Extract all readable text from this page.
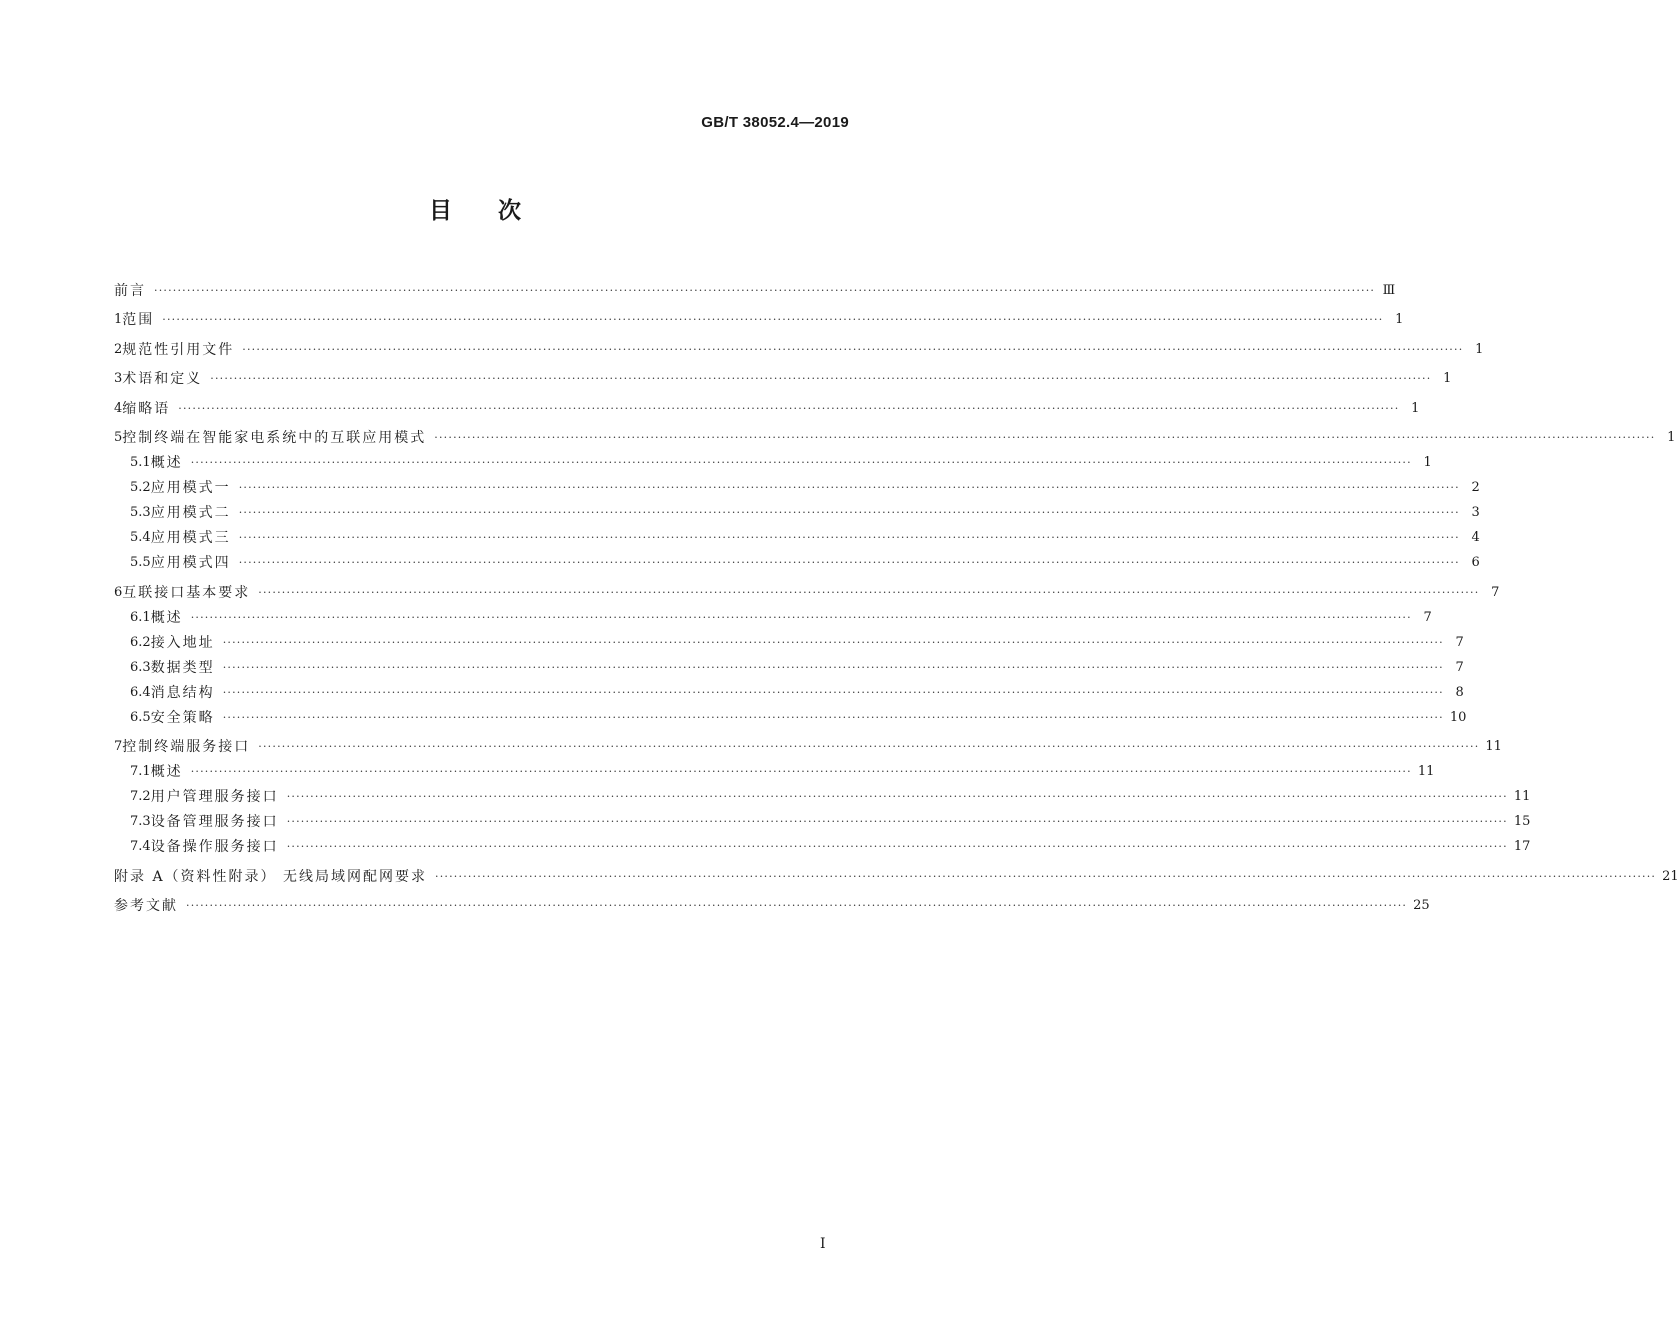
GB/T 38052.4—2019
目次
前言 ···································································································································································································································································· Ⅲ
1 范围 ···································································································································································································································································· 1
2 规范性引用文件 ···································································································································································································································································· 1
3 术语和定义 ···································································································································································································································································· 1
4 缩略语 ···································································································································································································································································· 1
5 控制终端在智能家电系统中的互联应用模式 ···································································································································································································································································· 1
5.1 概述 ···································································································································································································································································· 1
5.2 应用模式一 ···································································································································································································································································· 2
5.3 应用模式二 ···································································································································································································································································· 3
5.4 应用模式三 ···································································································································································································································································· 4
5.5 应用模式四 ···································································································································································································································································· 6
6 互联接口基本要求 ···································································································································································································································································· 7
6.1 概述 ···································································································································································································································································· 7
6.2 接入地址 ···································································································································································································································································· 7
6.3 数据类型 ···································································································································································································································································· 7
6.4 消息结构 ···································································································································································································································································· 8
6.5 安全策略 ···································································································································································································································································· 10
7 控制终端服务接口 ···································································································································································································································································· 11
7.1 概述 ···································································································································································································································································· 11
7.2 用户管理服务接口 ···································································································································································································································································· 11
7.3 设备管理服务接口 ···································································································································································································································································· 15
7.4 设备操作服务接口 ···································································································································································································································································· 17
附录 A（资料性附录） 无线局域网配网要求 ···································································································································································································································································· 21
参考文献 ···································································································································································································································································· 25
Ⅰ
